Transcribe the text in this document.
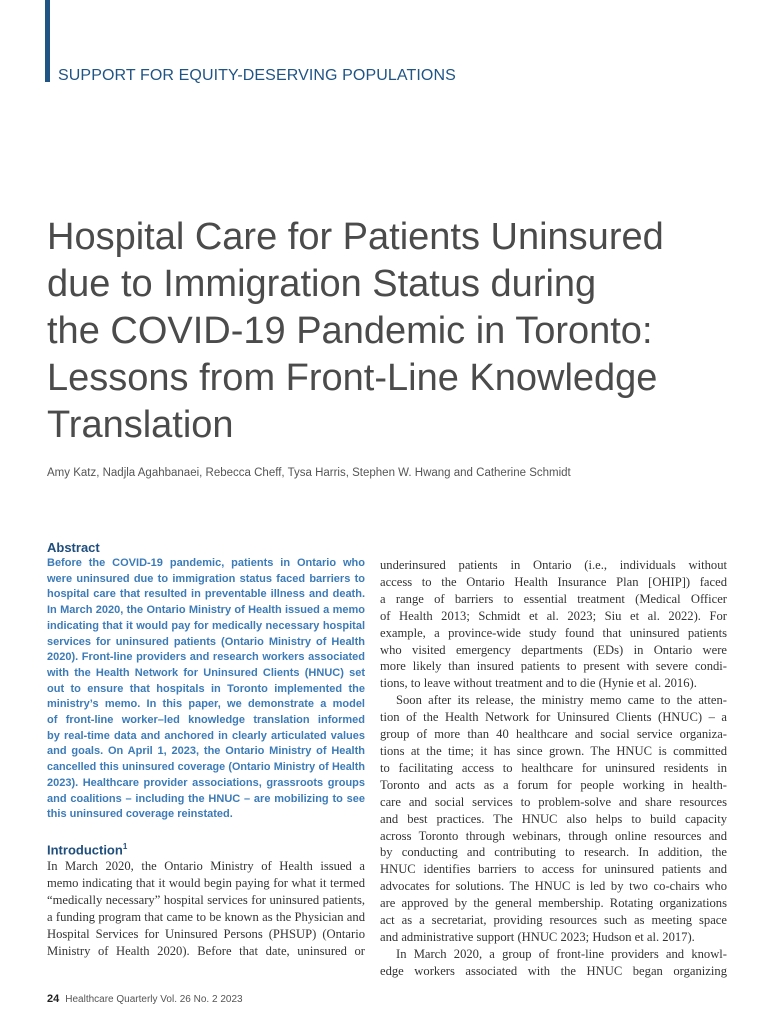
SUPPORT FOR EQUITY-DESERVING POPULATIONS
Hospital Care for Patients Uninsured
due to Immigration Status during
the COVID-19 Pandemic in Toronto:
Lessons from Front-Line Knowledge
Translation
Amy Katz, Nadjla Agahbanaei, Rebecca Cheff, Tysa Harris, Stephen W. Hwang and Catherine Schmidt
Abstract
Before the COVID-19 pandemic, patients in Ontario who
were uninsured due to immigration status faced barriers to
hospital care that resulted in preventable illness and death.
In March 2020, the Ontario Ministry of Health issued a memo
indicating that it would pay for medically necessary hospital
services for uninsured patients (Ontario Ministry of Health
2020). Front-line providers and research workers associated
with the Health Network for Uninsured Clients (HNUC) set
out to ensure that hospitals in Toronto implemented the
ministry’s memo. In this paper, we demonstrate a model
of front-line worker–led knowledge translation informed
by real-time data and anchored in clearly articulated values
and goals. On April 1, 2023, the Ontario Ministry of Health
cancelled this uninsured coverage (Ontario Ministry of Health
2023). Healthcare provider associations, grassroots groups
and coalitions – including the HNUC – are mobilizing to see
this uninsured coverage reinstated.
Introduction$^1$
In March 2020, the Ontario Ministry of Health issued a
memo indicating that it would begin paying for what it termed
“medically necessary” hospital services for uninsured patients,
a funding program that came to be known as the Physician and
Hospital Services for Uninsured Persons (PHSUP) (Ontario
Ministry of Health 2020). Before that date, uninsured or
underinsured patients in Ontario (i.e., individuals without
access to the Ontario Health Insurance Plan [OHIP]) faced
a range of barriers to essential treatment (Medical Officer
of Health 2013; Schmidt et al. 2023; Siu et al. 2022). For
example, a province-wide study found that uninsured patients
who visited emergency departments (EDs) in Ontario were
more likely than insured patients to present with severe condi-
tions, to leave without treatment and to die (Hynie et al. 2016).
Soon after its release, the ministry memo came to the atten-
tion of the Health Network for Uninsured Clients (HNUC) – a
group of more than 40 healthcare and social service organiza-
tions at the time; it has since grown. The HNUC is committed
to facilitating access to healthcare for uninsured residents in
Toronto and acts as a forum for people working in health-
care and social services to problem-solve and share resources
and best practices. The HNUC also helps to build capacity
across Toronto through webinars, through online resources and
by conducting and contributing to research. In addition, the
HNUC identifies barriers to access for uninsured patients and
advocates for solutions. The HNUC is led by two co-chairs who
are approved by the general membership. Rotating organizations
act as a secretariat, providing resources such as meeting space
and administrative support (HNUC 2023; Hudson et al. 2017).
In March 2020, a group of front-line providers and knowl-
edge workers associated with the HNUC began organizing
24 Healthcare Quarterly Vol. 26 No. 2 2023
